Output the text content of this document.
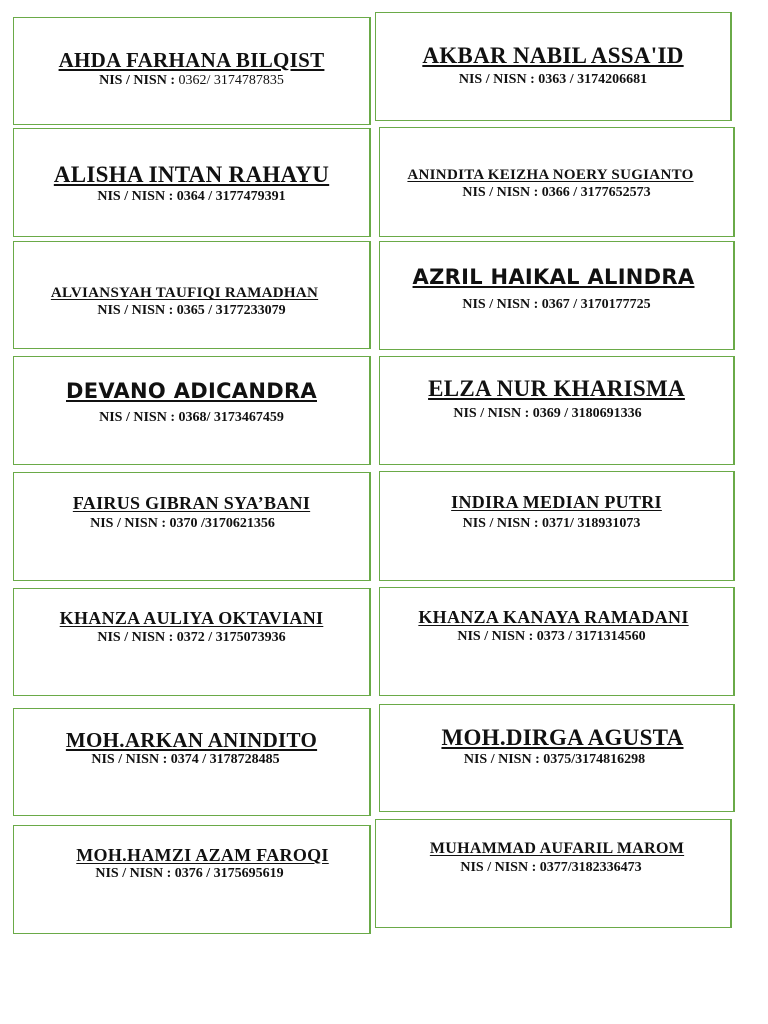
AHDA FARHANA BILQIST
NIS / NISN : 0362/ 3174787835
AKBAR NABIL ASSA'ID
NIS / NISN : 0363 / 3174206681
ALISHA INTAN RAHAYU
NIS / NISN : 0364 / 3177479391
ANINDITA KEIZHA NOERY SUGIANTO
NIS / NISN : 0366 / 3177652573
ALVIANSYAH TAUFIQI RAMADHAN
NIS / NISN : 0365 / 3177233079
AZRIL HAIKAL ALINDRA
NIS / NISN : 0367 / 3170177725
DEVANO ADICANDRA
NIS / NISN : 0368/ 3173467459
ELZA NUR KHARISMA
NIS / NISN : 0369 / 3180691336
FAIRUS GIBRAN SYA’BANI
NIS / NISN : 0370 /3170621356
INDIRA MEDIAN PUTRI
NIS / NISN : 0371/ 318931073
KHANZA AULIYA OKTAVIANI
NIS / NISN : 0372 / 3175073936
KHANZA KANAYA RAMADANI
NIS / NISN : 0373 / 3171314560
MOH.ARKAN ANINDITO
NIS / NISN : 0374 / 3178728485
MOH.DIRGA AGUSTA
NIS / NISN : 0375/3174816298
MOH.HAMZI AZAM FAROQI
NIS / NISN : 0376 / 3175695619
MUHAMMAD AUFARIL MAROM
NIS / NISN : 0377/3182336473
